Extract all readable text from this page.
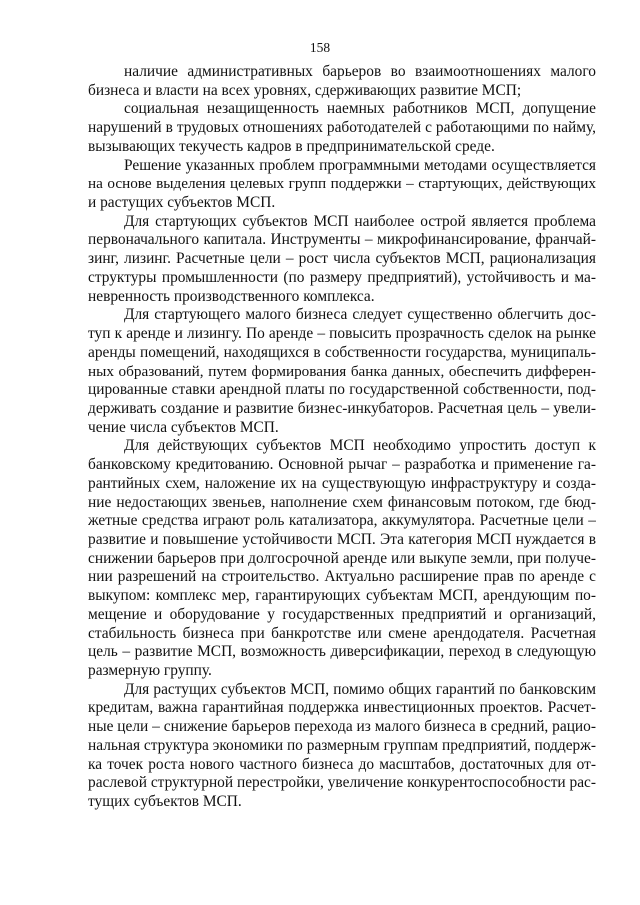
158
наличие административных барьеров во взаимоотношениях малого
бизнеса и власти на всех уровнях, сдерживающих развитие МСП;
социальная незащищенность наемных работников МСП, допущение
нарушений в трудовых отношениях работодателей с работающими по найму,
вызывающих текучесть кадров в предпринимательской среде.
Решение указанных проблем программными методами осуществляется
на основе выделения целевых групп поддержки – стартующих, действующих
и растущих субъектов МСП.
Для стартующих субъектов МСП наиболее острой является проблема
первоначального капитала. Инструменты – микрофинансирование, франчай-
зинг, лизинг. Расчетные цели – рост числа субъектов МСП, рационализация
структуры промышленности (по размеру предприятий), устойчивость и ма-
невренность производственного комплекса.
Для стартующего малого бизнеса следует существенно облегчить дос-
туп к аренде и лизингу. По аренде – повысить прозрачность сделок на рынке
аренды помещений, находящихся в собственности государства, муниципаль-
ных образований, путем формирования банка данных, обеспечить дифферен-
цированные ставки арендной платы по государственной собственности, под-
держивать создание и развитие бизнес-инкубаторов. Расчетная цель – увели-
чение числа субъектов МСП.
Для действующих субъектов МСП необходимо упростить доступ к
банковскому кредитованию. Основной рычаг – разработка и применение га-
рантийных схем, наложение их на существующую инфраструктуру и созда-
ние недостающих звеньев, наполнение схем финансовым потоком, где бюд-
жетные средства играют роль катализатора, аккумулятора. Расчетные цели –
развитие и повышение устойчивости МСП. Эта категория МСП нуждается в
снижении барьеров при долгосрочной аренде или выкупе земли, при получе-
нии разрешений на строительство. Актуально расширение прав по аренде с
выкупом: комплекс мер, гарантирующих субъектам МСП, арендующим по-
мещение и оборудование у государственных предприятий и организаций,
стабильность бизнеса при банкротстве или смене арендодателя. Расчетная
цель – развитие МСП, возможность диверсификации, переход в следующую
размерную группу.
Для растущих субъектов МСП, помимо общих гарантий по банковским
кредитам, важна гарантийная поддержка инвестиционных проектов. Расчет-
ные цели – снижение барьеров перехода из малого бизнеса в средний, рацио-
нальная структура экономики по размерным группам предприятий, поддерж-
ка точек роста нового частного бизнеса до масштабов, достаточных для от-
раслевой структурной перестройки, увеличение конкурентоспособности рас-
тущих субъектов МСП.
